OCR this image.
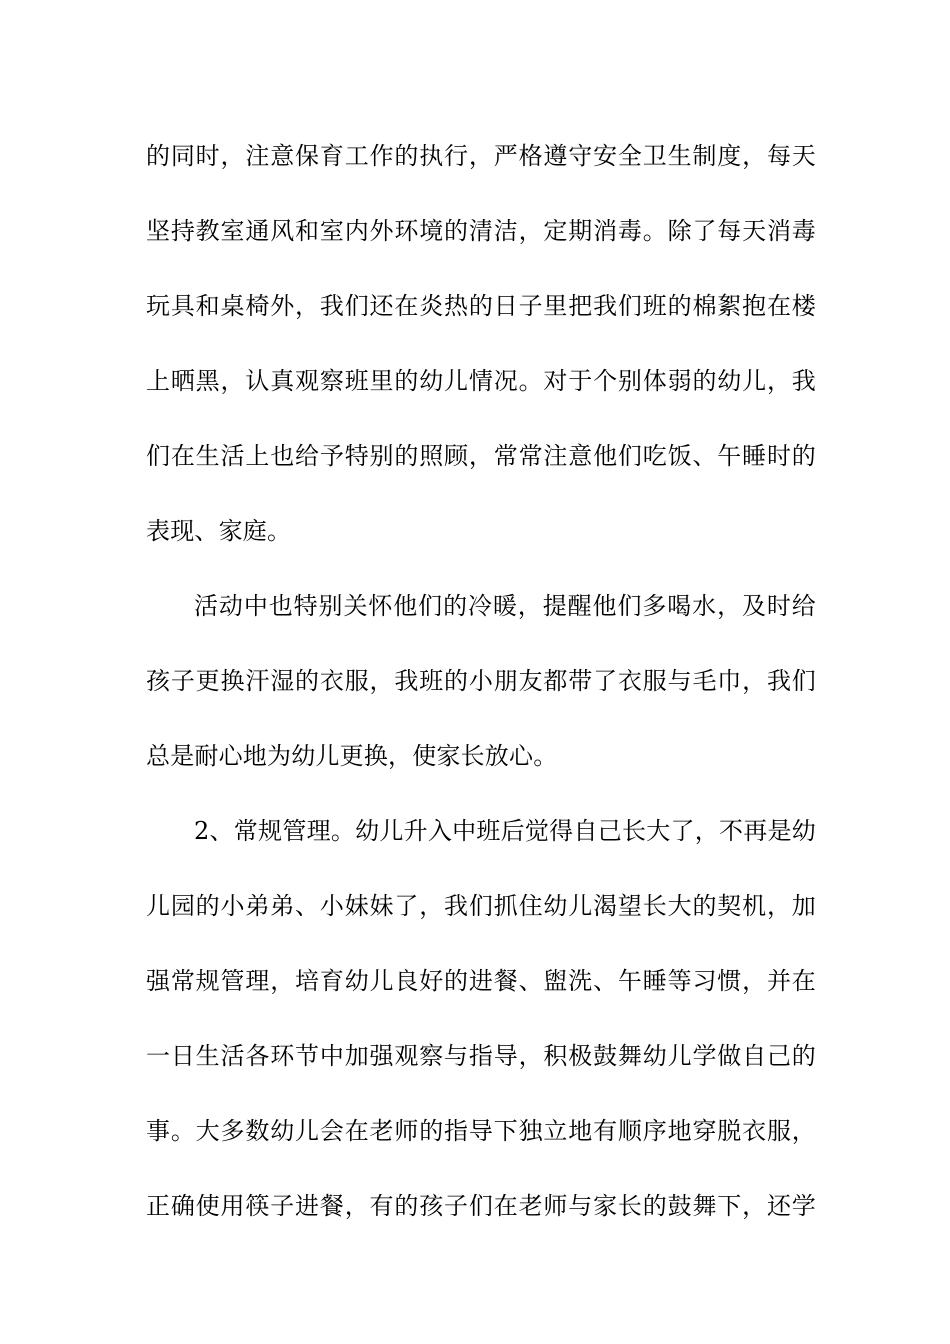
的同时，注意保育工作的执行，严格遵守安全卫生制度，每天
坚持教室通风和室内外环境的清洁，定期消毒。除了每天消毒
玩具和桌椅外，我们还在炎热的日子里把我们班的棉絮抱在楼
上晒黑，认真观察班里的幼儿情况。对于个别体弱的幼儿，我
们在生活上也给予特别的照顾，常常注意他们吃饭、午睡时的
表现、家庭。
活动中也特别关怀他们的冷暖，提醒他们多喝水，及时给
孩子更换汗湿的衣服，我班的小朋友都带了衣服与毛巾，我们
总是耐心地为幼儿更换，使家长放心。
2、常规管理。幼儿升入中班后觉得自己长大了，不再是幼
儿园的小弟弟、小妹妹了，我们抓住幼儿渴望长大的契机，加
强常规管理，培育幼儿良好的进餐、盥洗、午睡等习惯，并在
一日生活各环节中加强观察与指导，积极鼓舞幼儿学做自己的
事。大多数幼儿会在老师的指导下独立地有顺序地穿脱衣服，
正确使用筷子进餐，有的孩子们在老师与家长的鼓舞下，还学
